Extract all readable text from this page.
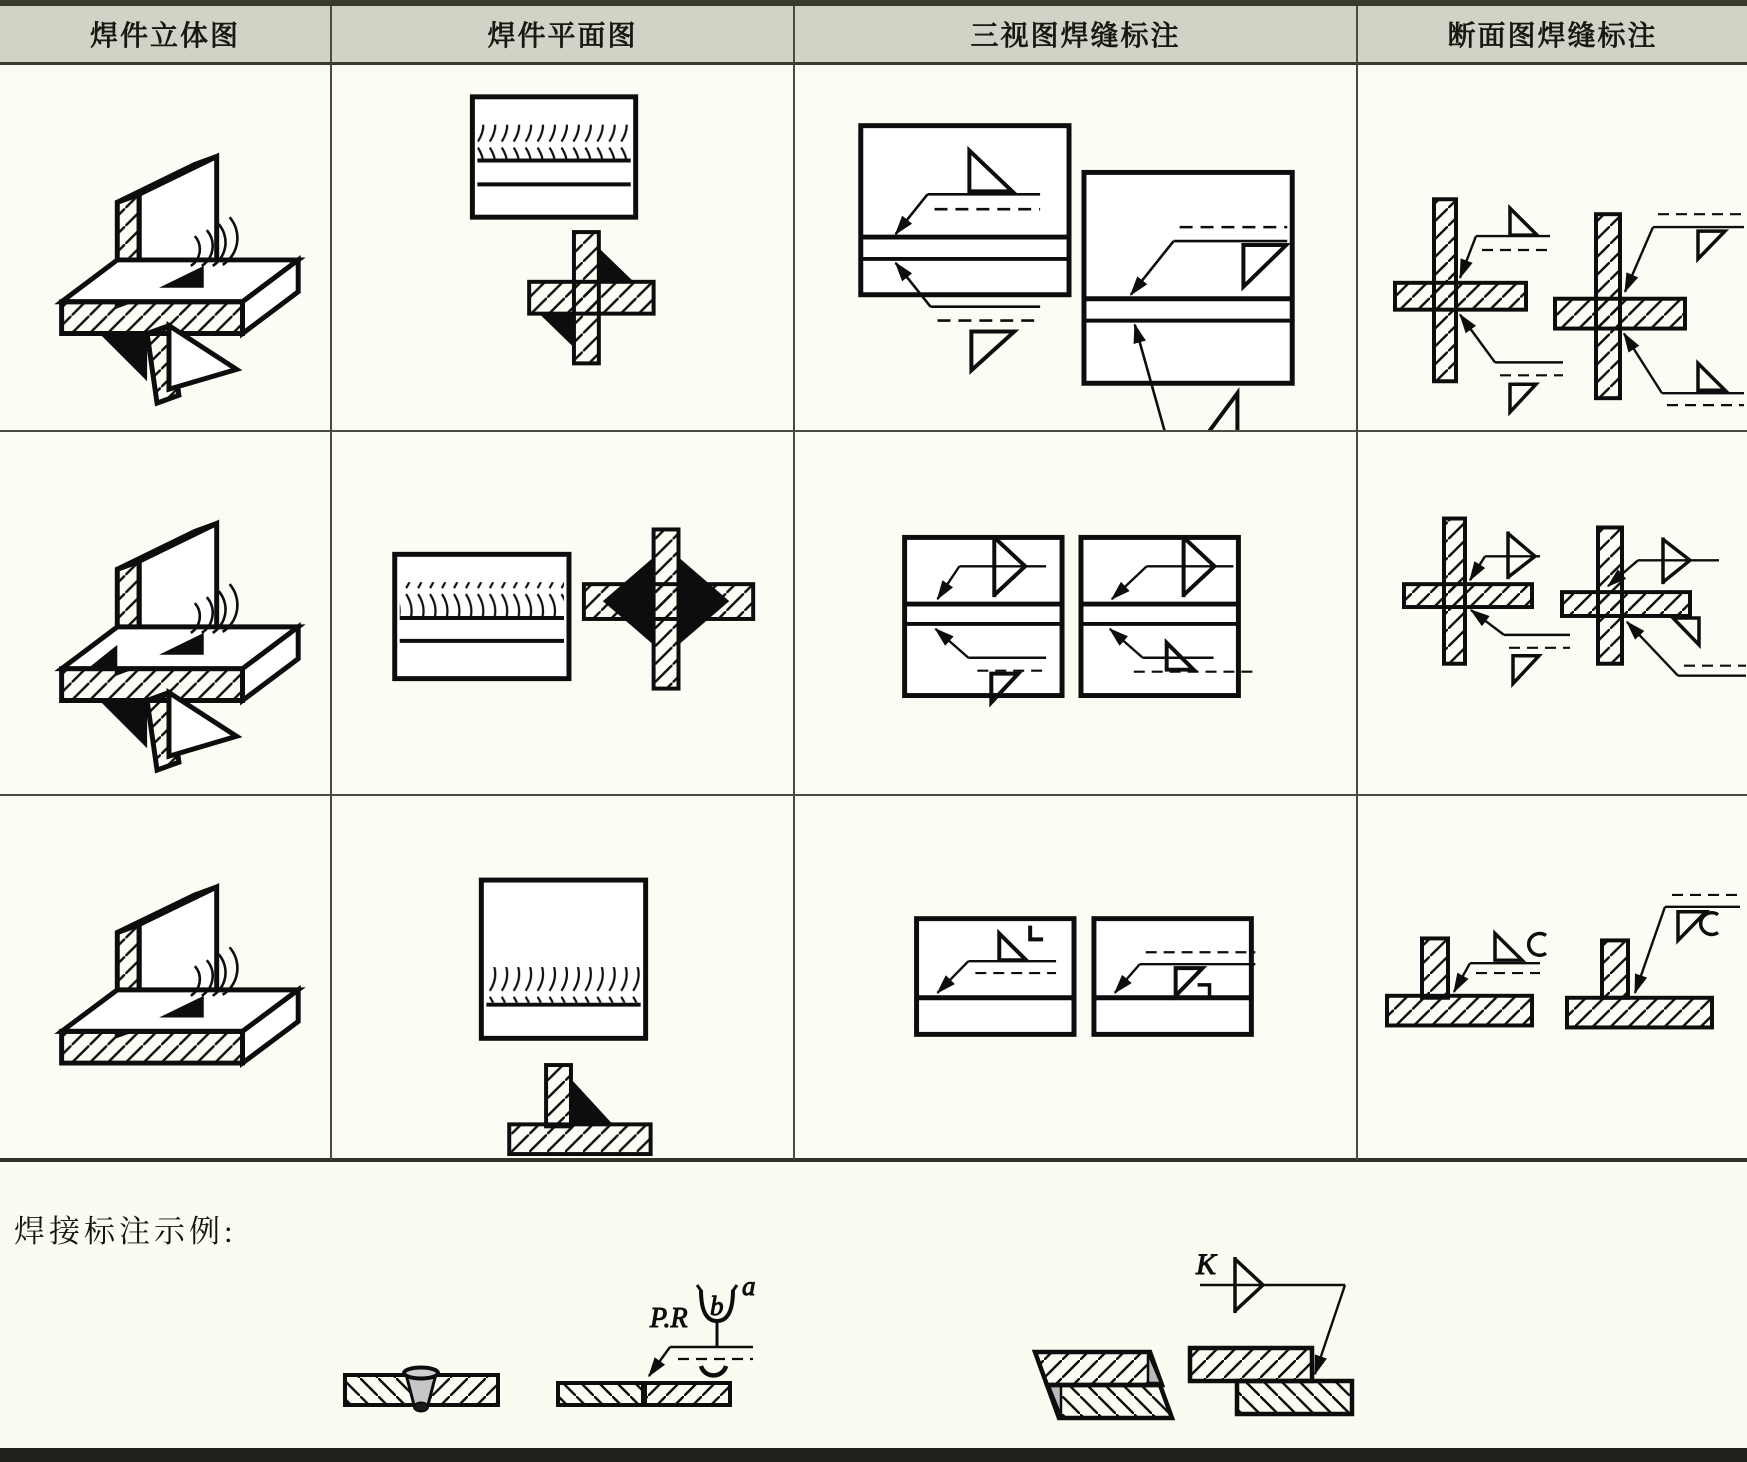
焊件立体图	焊件平面图	三视图焊缝标注	断面图焊缝标注
焊接标注示例:
a
b
P.R
K
